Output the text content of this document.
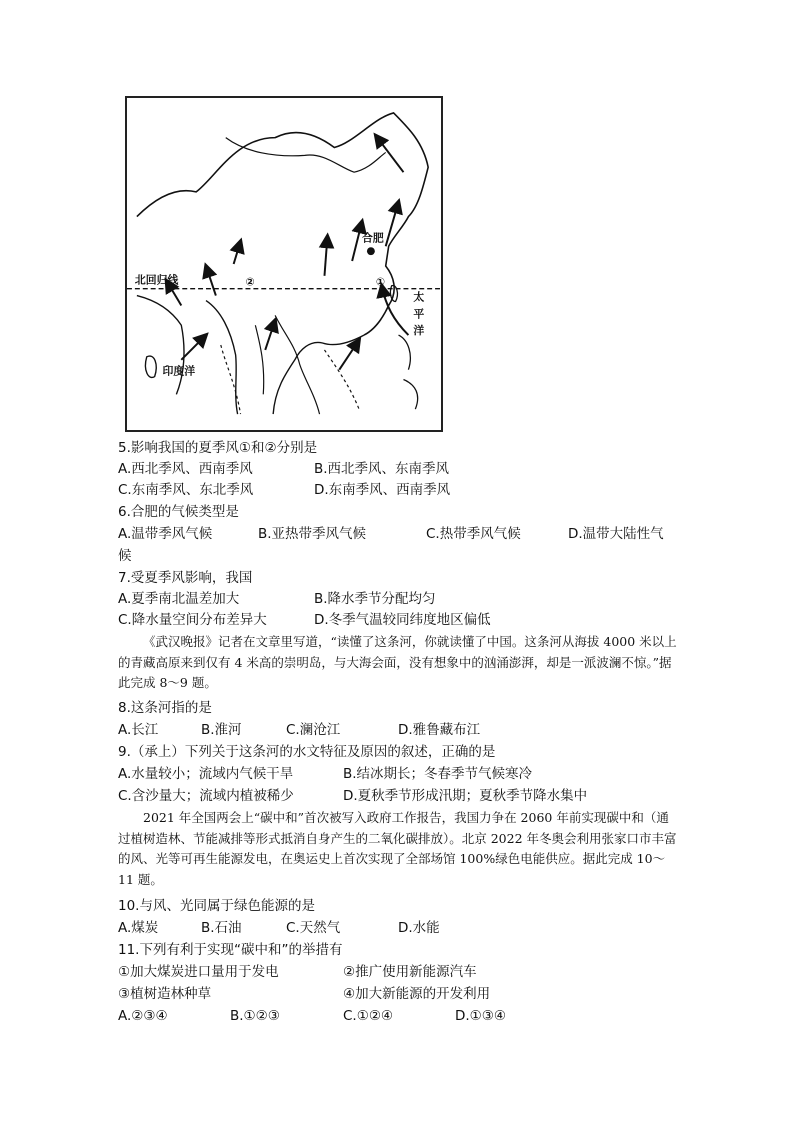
北回归线
合肥
印度洋
太
平
洋
①
②
5.影响我国的夏季风①和②分别是
A.西北季风、西南季风	B.西北季风、东南季风
C.东南季风、东北季风	D.东南季风、西南季风
6.合肥的气候类型是
A.温带季风气候	B.亚热带季风气候	C.热带季风气候	D.温带大陆性气
候
7.受夏季风影响，我国
A.夏季南北温差加大	B.降水季节分配均匀
C.降水量空间分布差异大	D.冬季气温较同纬度地区偏低
《武汉晚报》记者在文章里写道，“读懂了这条河，你就读懂了中国。这条河从海拔 4000 米以上的青藏高原来到仅有 4 米高的崇明岛，与大海会面，没有想象中的汹涌澎湃，却是一派波澜不惊。”据此完成 8～9 题。
8.这条河指的是
A.长江	B.淮河	C.澜沧江	D.雅鲁藏布江
9.（承上）下列关于这条河的水文特征及原因的叙述，正确的是
A.水量较小；流域内气候干旱	B.结冰期长；冬春季节气候寒冷
C.含沙量大；流域内植被稀少	D.夏秋季节形成汛期；夏秋季节降水集中
2021 年全国两会上“碳中和”首次被写入政府工作报告，我国力争在 2060 年前实现碳中和（通过植树造林、节能减排等形式抵消自身产生的二氧化碳排放）。北京 2022 年冬奥会利用张家口市丰富的风、光等可再生能源发电，在奥运史上首次实现了全部场馆 100%绿色电能供应。据此完成 10～11 题。
10.与风、光同属于绿色能源的是
A.煤炭	B.石油	C.天然气	D.水能
11.下列有利于实现“碳中和”的举措有
①加大煤炭进口量用于发电	②推广使用新能源汽车
③植树造林种草	④加大新能源的开发利用
A.②③④	B.①②③	C.①②④	D.①③④
